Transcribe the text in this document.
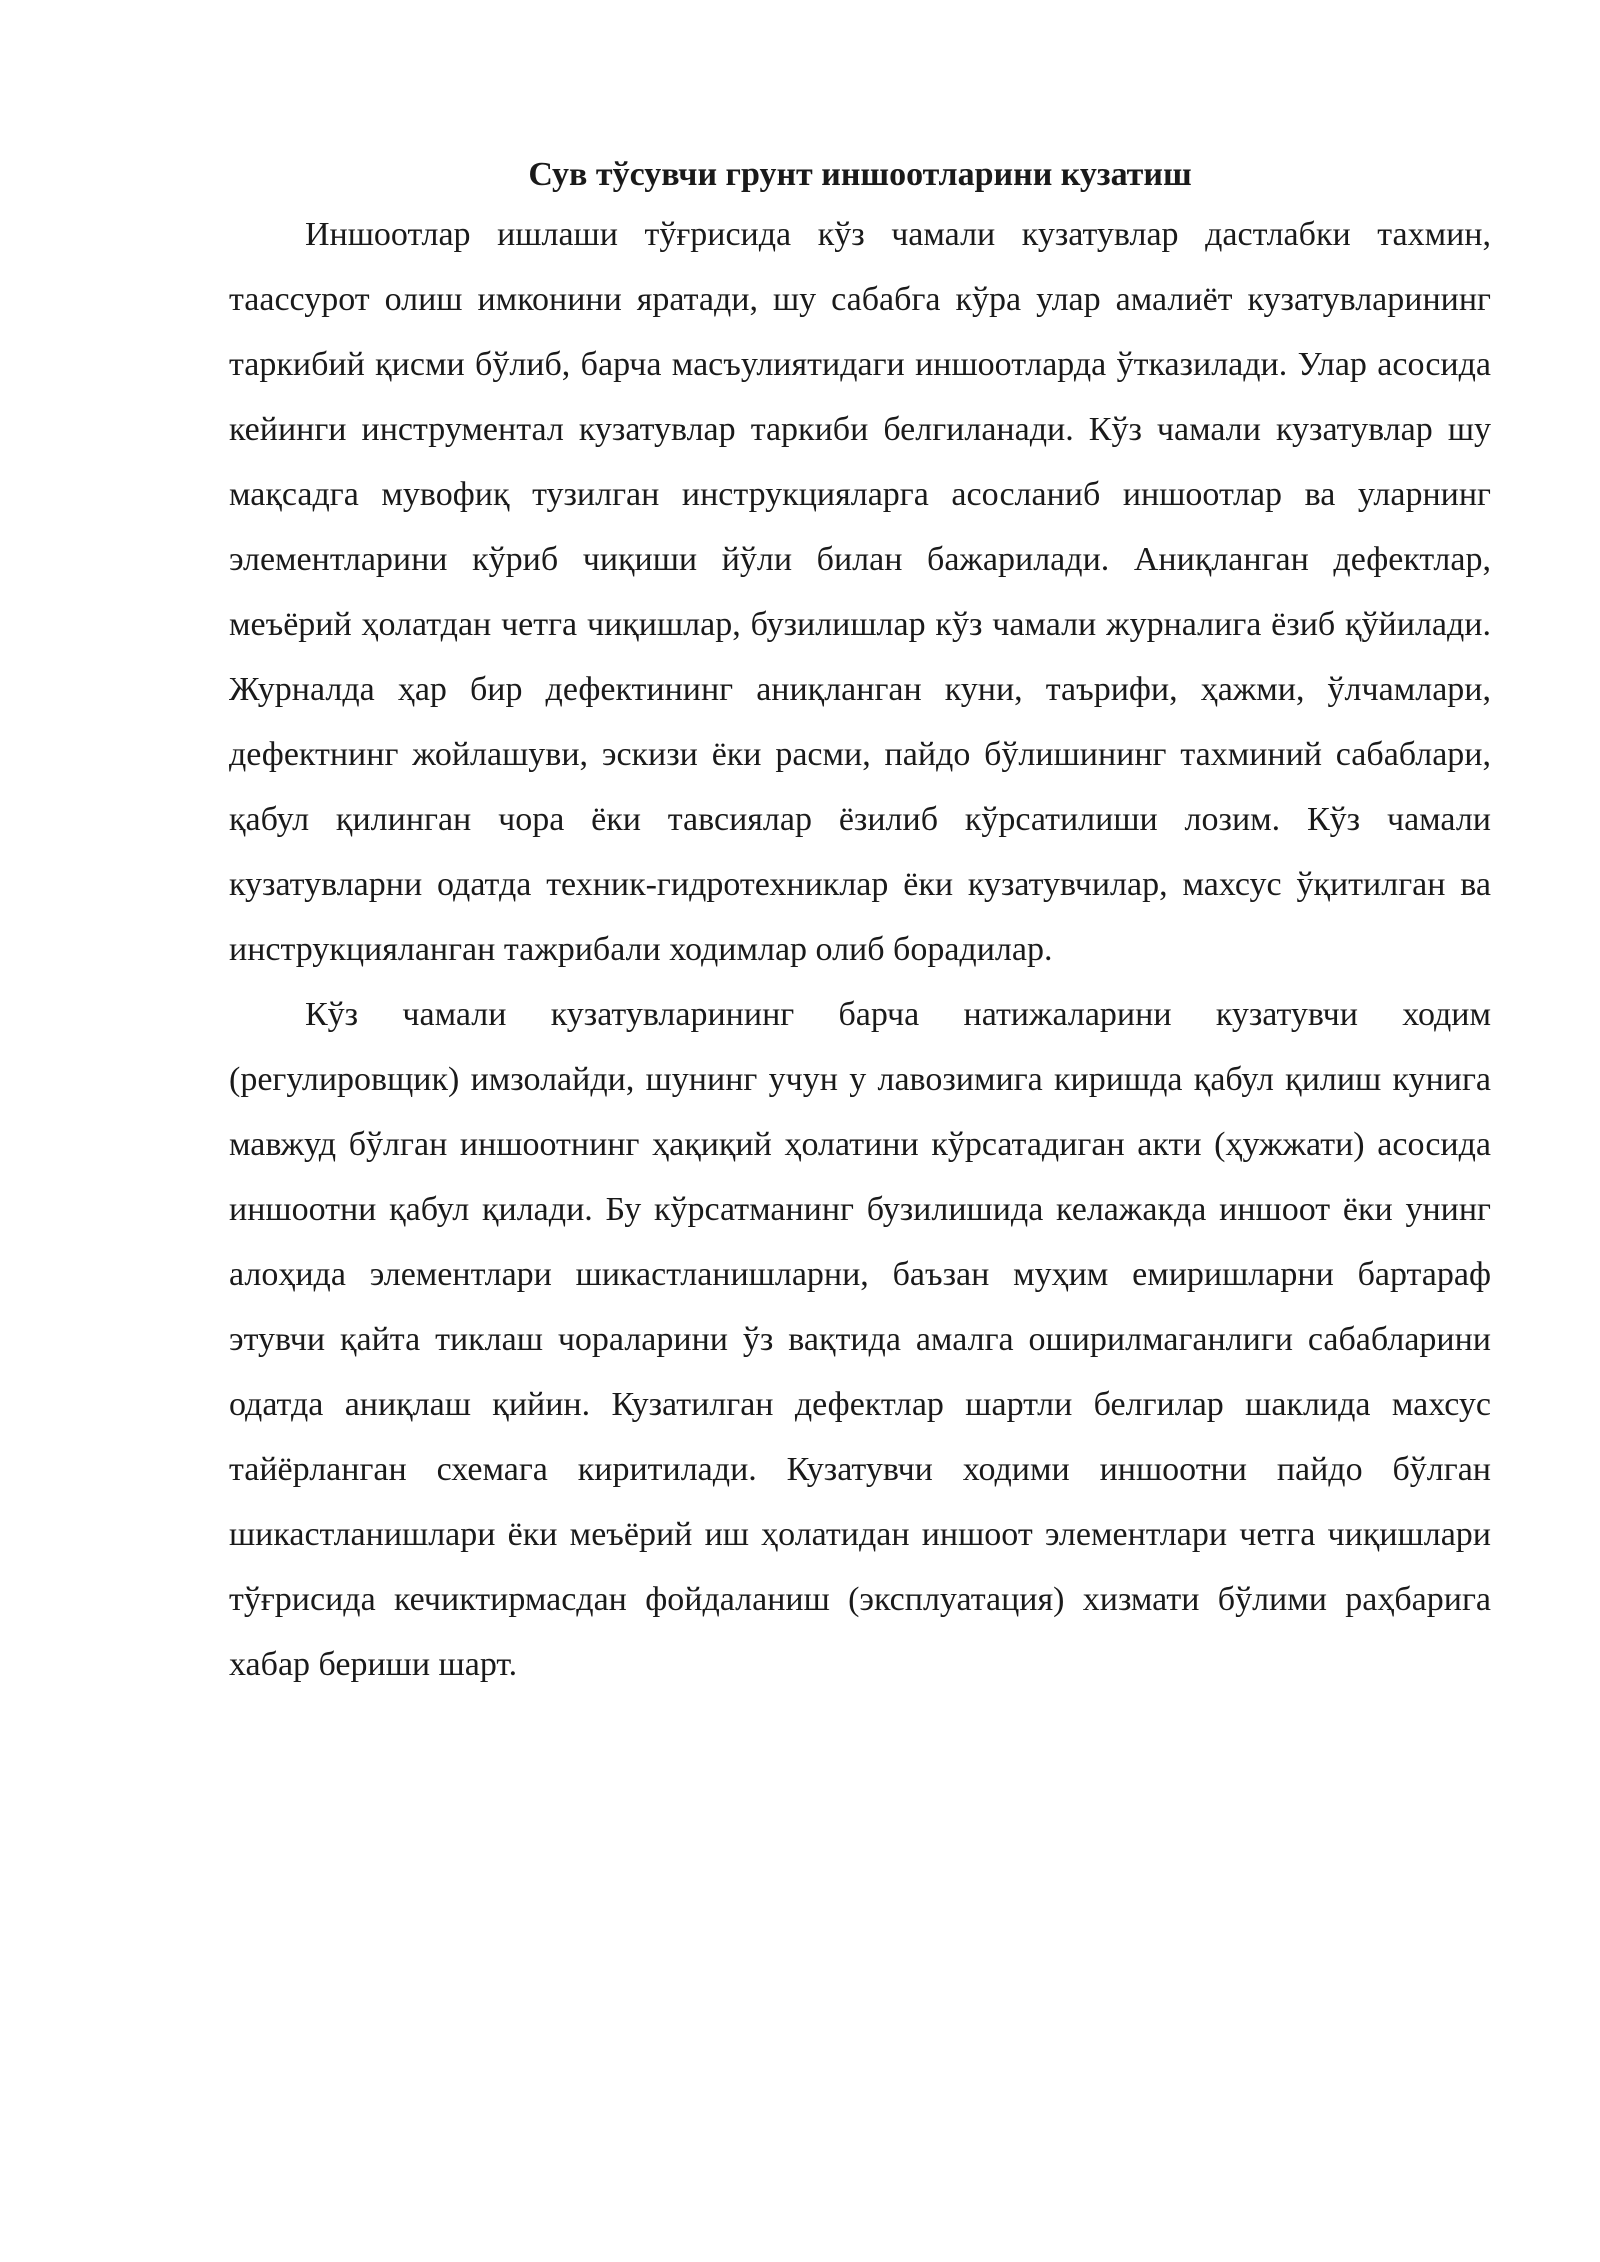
Сув тўсувчи грунт иншоотларини кузатиш

Иншоотлар ишлаши тўғрисида кўз чамали кузатувлар дастлабки тахмин, таассурот олиш имконини яратади, шу сабабга кўра улар амалиёт кузатувларининг таркибий қисми бўлиб, барча масъулиятидаги иншоотларда ўтказилади. Улар асосида кейинги инструментал кузатувлар таркиби белгиланади. Кўз чамали кузатувлар шу мақсадга мувофиқ тузилган инструкцияларга асосланиб иншоотлар ва уларнинг элементларини кўриб чиқиши йўли билан бажарилади. Аниқланган дефектлар, меъёрий ҳолатдан четга чиқишлар, бузилишлар кўз чамали журналига ёзиб қўйилади. Журналда ҳар бир дефектининг аниқланган куни, таърифи, ҳажми, ўлчамлари, дефектнинг жойлашуви, эскизи ёки расми, пайдо бўлишининг тахминий сабаблари, қабул қилинган чора ёки тавсиялар ёзилиб кўрсатилиши лозим. Кўз чамали кузатувларни одатда техник-гидротехниклар ёки кузатувчилар, махсус ўқитилган ва инструкцияланган тажрибали ходимлар олиб борадилар.

Кўз чамали кузатувларининг барча натижаларини кузатувчи ходим (регулировщик) имзолайди, шунинг учун у лавозимига киришда қабул қилиш кунига мавжуд бўлган иншоотнинг ҳақиқий ҳолатини кўрсатадиган акти (ҳужжати) асосида иншоотни қабул қилади. Бу кўрсатманинг бузилишида келажакда иншоот ёки унинг алоҳида элементлари шикастланишларни, баъзан муҳим емиришларни бартараф этувчи қайта тиклаш чораларини ўз вақтида амалга оширилмаганлиги сабабларини одатда аниқлаш қийин. Кузатилган дефектлар шартли белгилар шаклида махсус тайёрланган схемага киритилади. Кузатувчи ходими иншоотни пайдо бўлган шикастланишлари ёки меъёрий иш ҳолатидан иншоот элементлари четга чиқишлари тўғрисида кечиктирмасдан фойдаланиш (эксплуатация) хизмати бўлими раҳбарига хабар бериши шарт.
